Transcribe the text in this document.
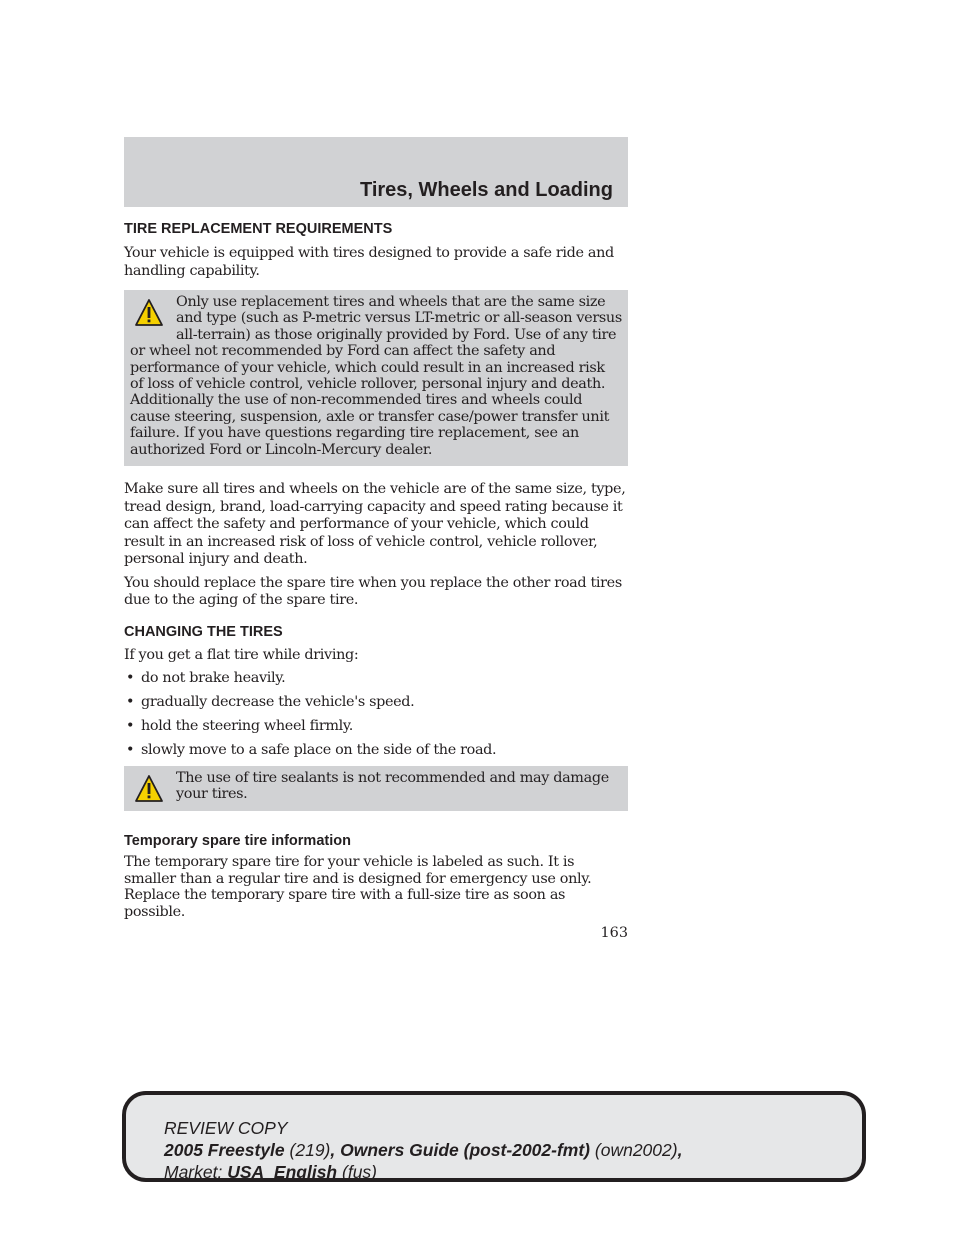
Tires, Wheels and Loading
TIRE REPLACEMENT REQUIREMENTS

Your vehicle is equipped with tires designed to provide a safe ride and handling capability.

Only use replacement tires and wheels that are the same size and type (such as P-metric versus LT-metric or all-season versus all-terrain) as those originally provided by Ford. Use of any tire or wheel not recommended by Ford can affect the safety and performance of your vehicle, which could result in an increased risk of loss of vehicle control, vehicle rollover, personal injury and death. Additionally the use of non-recommended tires and wheels could cause steering, suspension, axle or transfer case/power transfer unit failure. If you have questions regarding tire replacement, see an authorized Ford or Lincoln-Mercury dealer.

Make sure all tires and wheels on the vehicle are of the same size, type, tread design, brand, load-carrying capacity and speed rating because it can affect the safety and performance of your vehicle, which could result in an increased risk of loss of vehicle control, vehicle rollover, personal injury and death.

You should replace the spare tire when you replace the other road tires due to the aging of the spare tire.

CHANGING THE TIRES

If you get a flat tire while driving:

• do not brake heavily.
• gradually decrease the vehicle's speed.
• hold the steering wheel firmly.
• slowly move to a safe place on the side of the road.

The use of tire sealants is not recommended and may damage your tires.

Temporary spare tire information

The temporary spare tire for your vehicle is labeled as such. It is smaller than a regular tire and is designed for emergency use only. Replace the temporary spare tire with a full-size tire as soon as possible.

163
REVIEW COPY
2005 Freestyle (219), Owners Guide (post-2002-fmt) (own2002),
Market: USA_English (fus)
